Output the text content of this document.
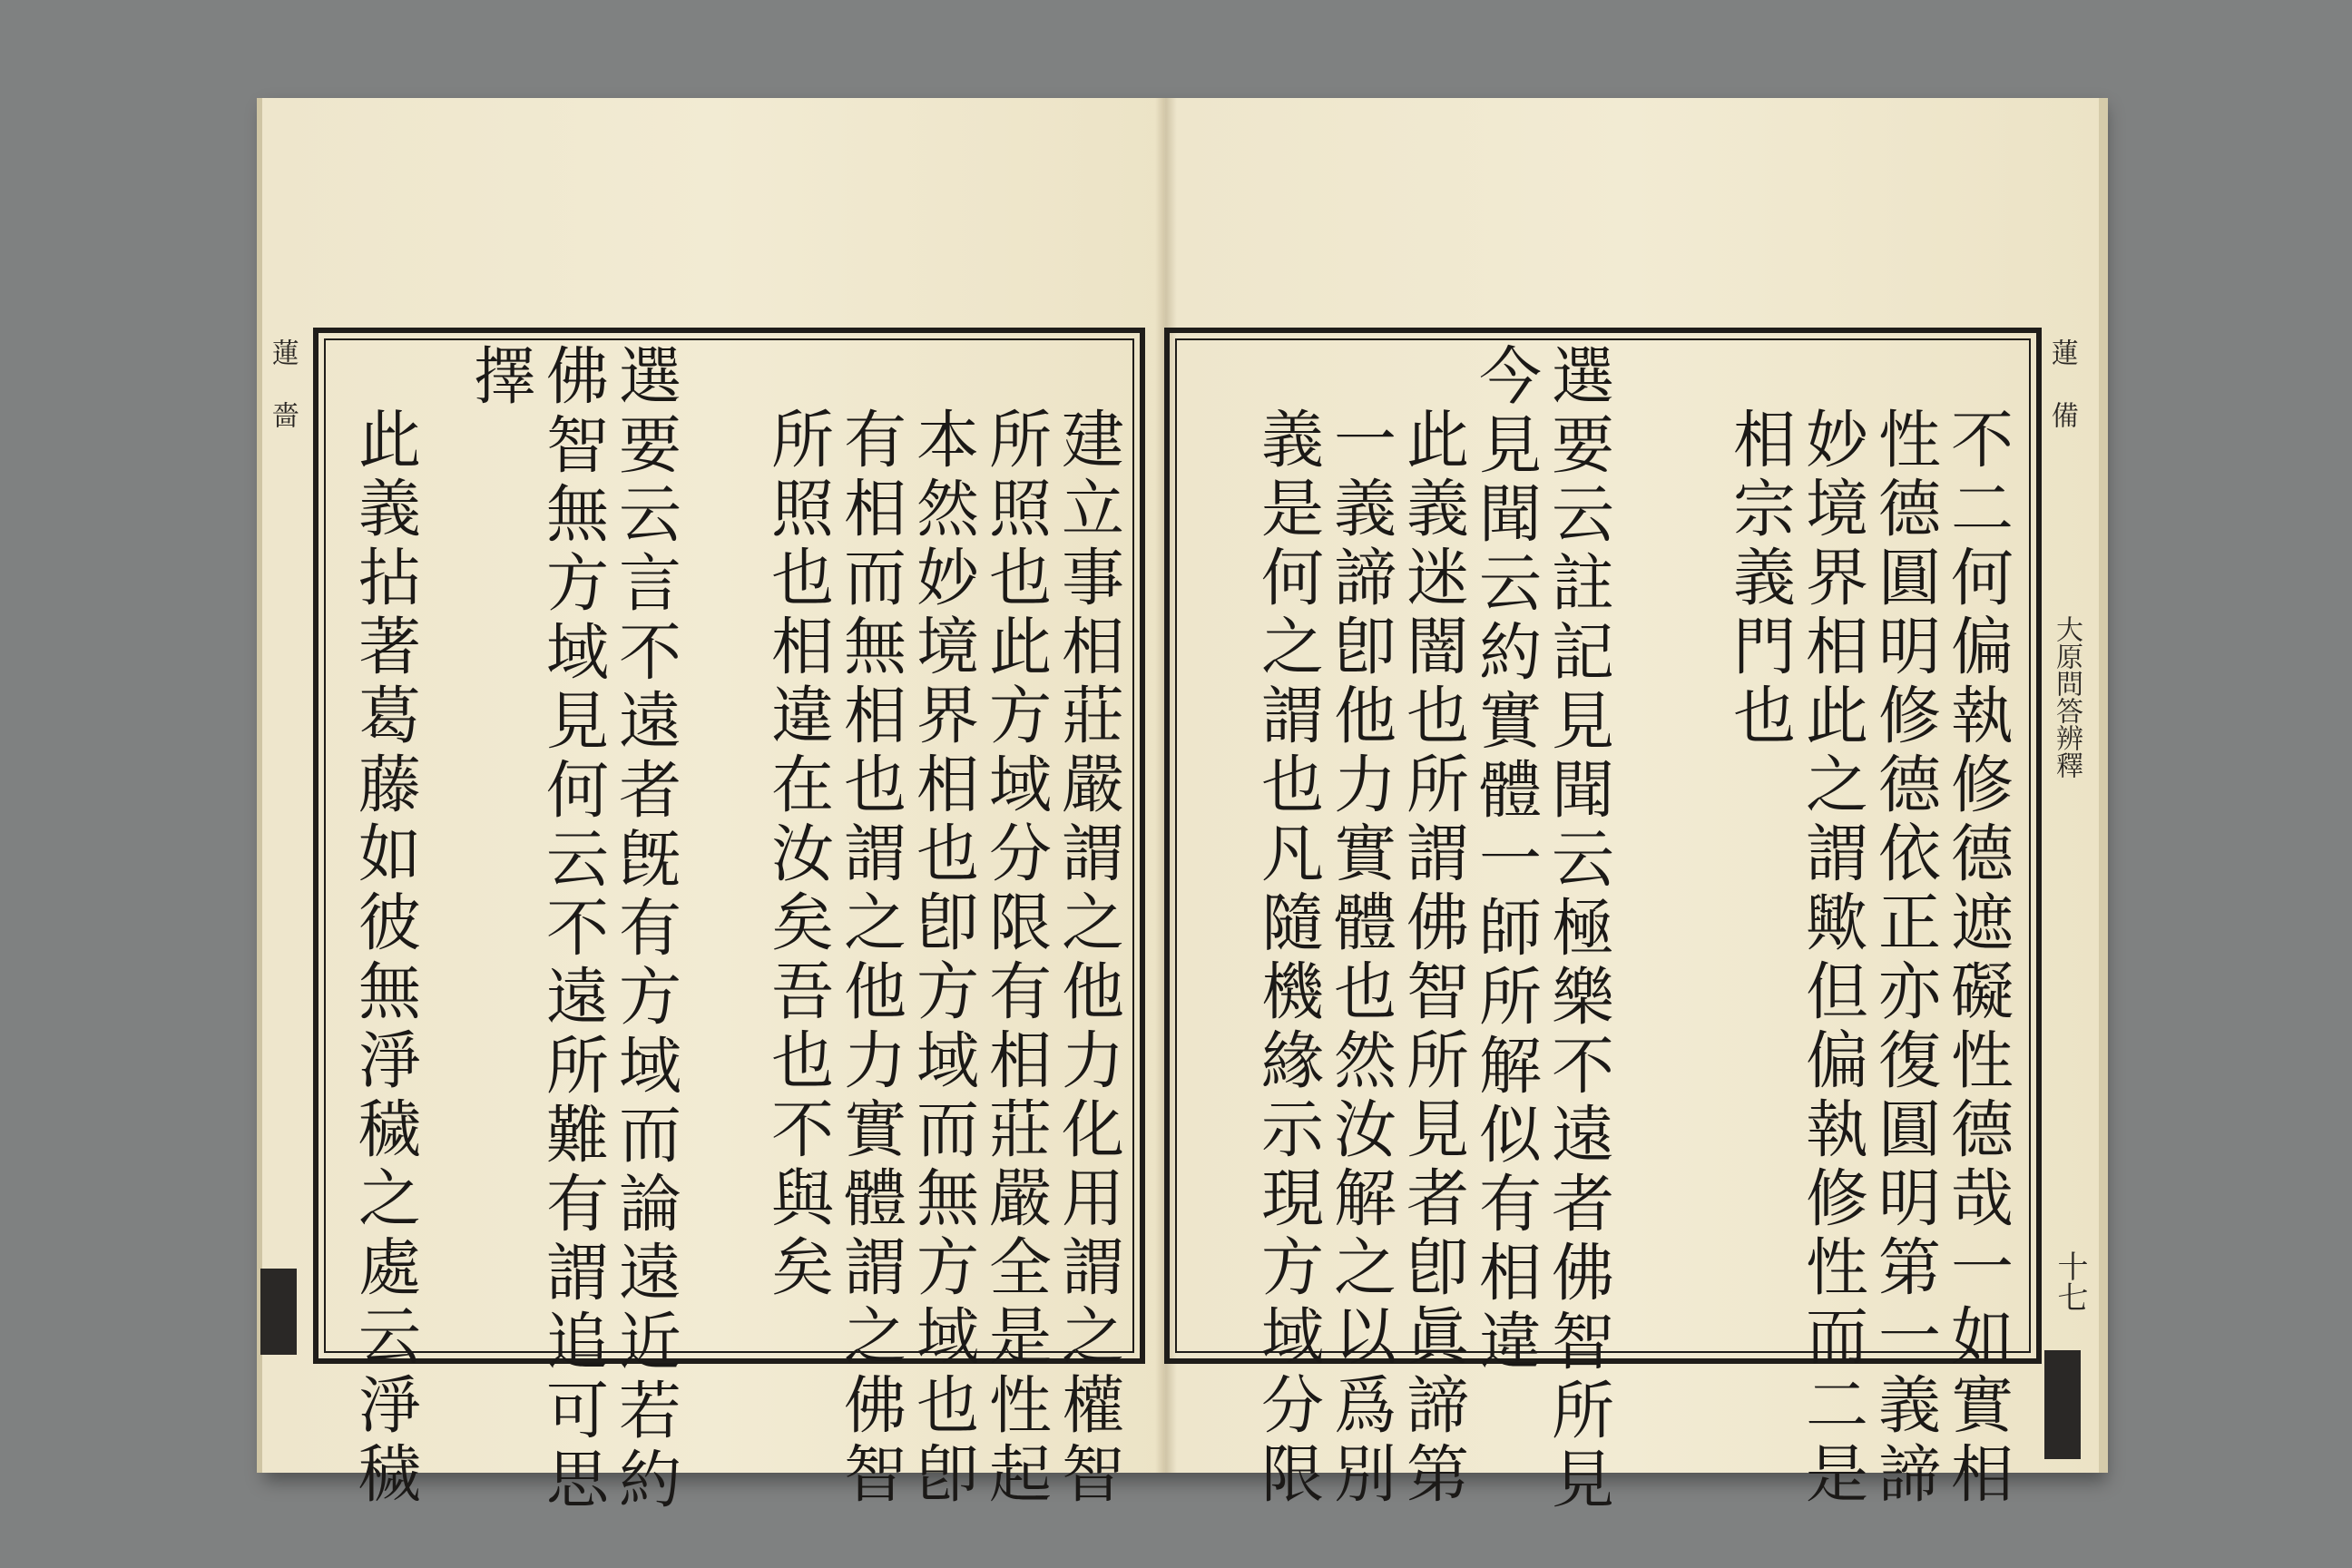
蓮 嗇	蓮 備
大原問答辨釋
十七
建立事相莊嚴謂之他力化用謂之權智
所照也此方域分限有相莊嚴全是性起
本然妙境界相也卽方域而無方域也卽
有相而無相也謂之他力實體謂之佛智
所照也相違在汝矣吾也不與矣
選要云言不遠者旣有方域而論遠近若約
佛智無方域見何云不遠所難有謂追可思
擇
此義拈著葛藤如彼無淨穢之處云淨穢	不二何偏執修德遮礙性德哉一如實相
性德圓明修德依正亦復圓明第一義諦
妙境界相此之謂歟但偏執修性而二是
相宗義門也
選要云註記見聞云極樂不遠者佛智所見
今見聞云約實體一師所解似有相違
此義迷闇也所謂佛智所見者卽眞諦第
一義諦卽他力實體也然汝解之以爲別
義是何之謂也凡隨機緣示現方域分限
